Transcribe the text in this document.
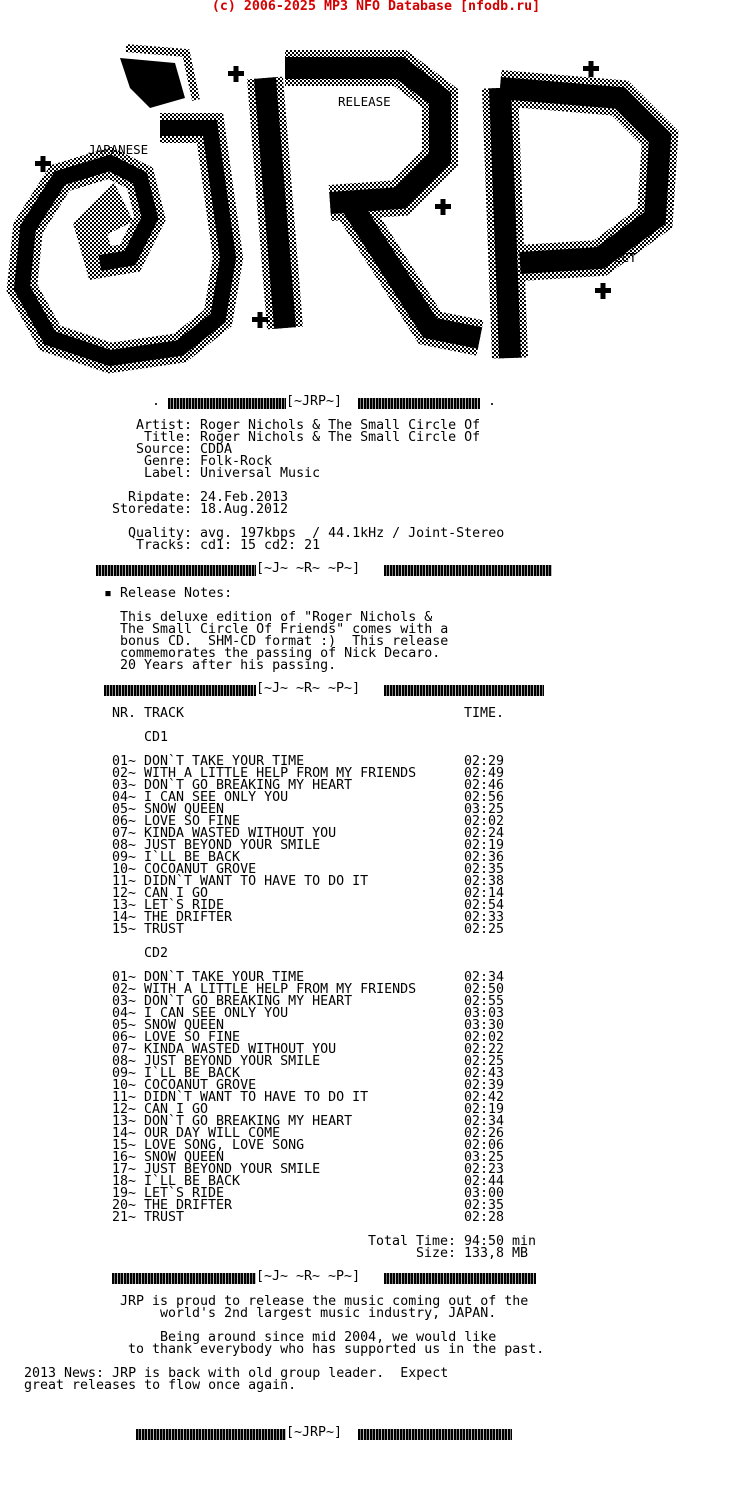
(c) 2006-2025 MP3 NFO Database [nfodb.ru]
JAPANESE
RELEASE
PROJECT
.	[~JRP~]	.
Artist: Roger Nichols & The Small Circle Of
Title: Roger Nichols & The Small Circle Of
Source: CDDA
Genre: Folk-Rock
Label: Universal Music
Ripdate: 24.Feb.2013
Storedate: 18.Aug.2012
Quality: avg. 197kbps  / 44.1kHz / Joint-Stereo
Tracks: cd1: 15 cd2: 21
[~J~ ~R~ ~P~]
▪ Release Notes:
This deluxe edition of "Roger Nichols &
The Small Circle Of Friends" comes with a
bonus CD.  SHM-CD format :)  This release
commemorates the passing of Nick Decaro.
20 Years after his passing.
[~J~ ~R~ ~P~]
NR. TRACK	TIME.
CD1
01~ DON`T TAKE YOUR TIME	02:29
02~ WITH A LITTLE HELP FROM MY FRIENDS	02:49
03~ DON`T GO BREAKING MY HEART	02:46
04~ I CAN SEE ONLY YOU	02:56
05~ SNOW QUEEN	03:25
06~ LOVE SO FINE	02:02
07~ KINDA WASTED WITHOUT YOU	02:24
08~ JUST BEYOND YOUR SMILE	02:19
09~ I`LL BE BACK	02:36
10~ COCOANUT GROVE	02:35
11~ DIDN`T WANT TO HAVE TO DO IT	02:38
12~ CAN I GO	02:14
13~ LET`S RIDE	02:54
14~ THE DRIFTER	02:33
15~ TRUST	02:25
CD2
01~ DON`T TAKE YOUR TIME	02:34
02~ WITH A LITTLE HELP FROM MY FRIENDS	02:50
03~ DON`T GO BREAKING MY HEART	02:55
04~ I CAN SEE ONLY YOU	03:03
05~ SNOW QUEEN	03:30
06~ LOVE SO FINE	02:02
07~ KINDA WASTED WITHOUT YOU	02:22
08~ JUST BEYOND YOUR SMILE	02:25
09~ I`LL BE BACK	02:43
10~ COCOANUT GROVE	02:39
11~ DIDN`T WANT TO HAVE TO DO IT	02:42
12~ CAN I GO	02:19
13~ DON`T GO BREAKING MY HEART	02:34
14~ OUR DAY WILL COME	02:26
15~ LOVE SONG, LOVE SONG	02:06
16~ SNOW QUEEN	03:25
17~ JUST BEYOND YOUR SMILE	02:23
18~ I`LL BE BACK	02:44
19~ LET`S RIDE	03:00
20~ THE DRIFTER	02:35
21~ TRUST	02:28
Total Time: 94:50 min
Size: 133,8 MB
[~J~ ~R~ ~P~]
JRP is proud to release the music coming out of the
world's 2nd largest music industry, JAPAN.
Being around since mid 2004, we would like
to thank everybody who has supported us in the past.
2013 News: JRP is back with old group leader.  Expect
great releases to flow once again.
[~JRP~]
